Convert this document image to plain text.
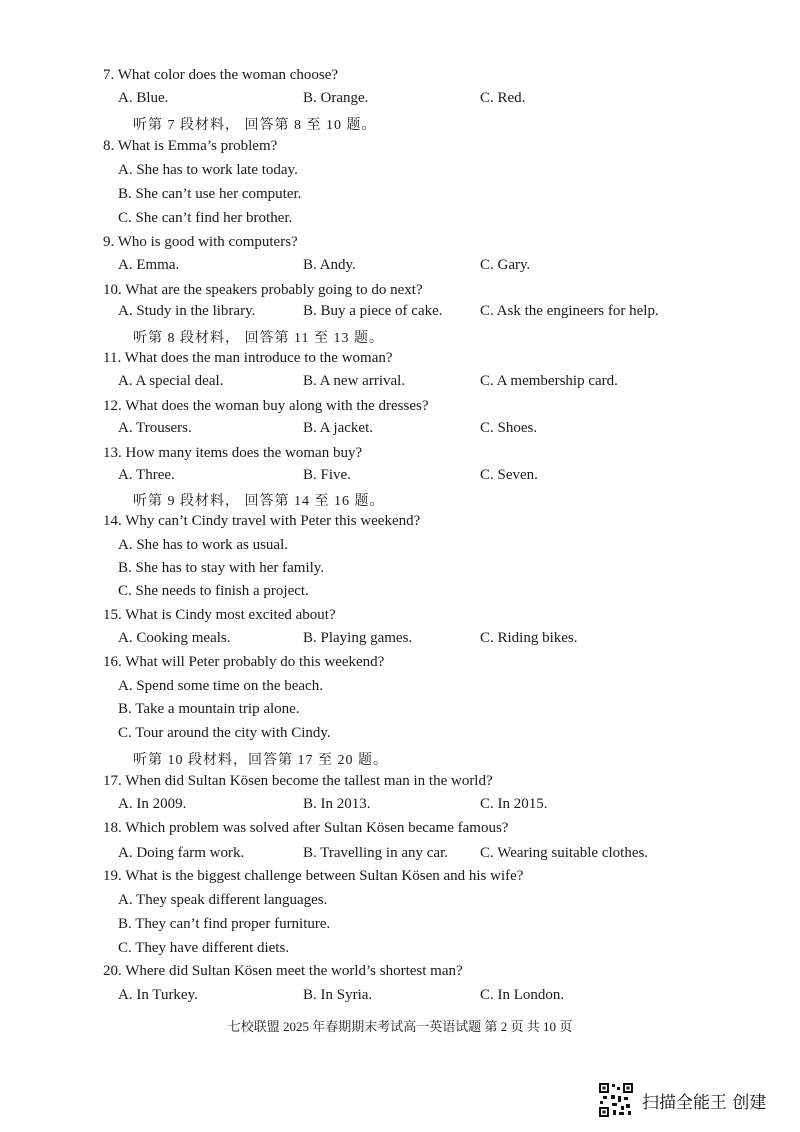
7. What color does the woman choose?
A. Blue.	B. Orange.	C. Red.
听第 7 段材料， 回答第 8 至 10 题。
8. What is Emma’s problem?
A. She has to work late today.
B. She can’t use her computer.
C. She can’t find her brother.
9. Who is good with computers?
A. Emma.	B. Andy.	C. Gary.
10. What are the speakers probably going to do next?
A. Study in the library.	B. Buy a piece of cake. C. Ask the engineers for help.
听第 8 段材料， 回答第 11 至 13 题。
11. What does the man introduce to the woman?
A. A special deal.	B. A new arrival.	C. A membership card.
12. What does the woman buy along with the dresses?
A. Trousers.	B. A jacket.	C. Shoes.
13. How many items does the woman buy?
A. Three.	B. Five.	C. Seven.
听第 9 段材料， 回答第 14 至 16 题。
14. Why can’t Cindy travel with Peter this weekend?
A. She has to work as usual.
B. She has to stay with her family.
C. She needs to finish a project.
15. What is Cindy most excited about?
A. Cooking meals.	B. Playing games.	C. Riding bikes.
16. What will Peter probably do this weekend?
A. Spend some time on the beach.
B. Take a mountain trip alone.
C. Tour around the city with Cindy.
听第 10 段材料，回答第 17 至 20 题。
17. When did Sultan Kösen become the tallest man in the world?
A. In 2009.	B. In 2013.	C. In 2015.
18. Which problem was solved after Sultan Kösen became famous?
A. Doing farm work.	B. Travelling in any car. C. Wearing suitable clothes.
19. What is the biggest challenge between Sultan Kösen and his wife?
A. They speak different languages.
B. They can’t find proper furniture.
C. They have different diets.
20. Where did Sultan Kösen meet the world’s shortest man?
A. In Turkey.	B. In Syria.	C. In London.
七校联盟 2025 年春期期末考试高一英语试题 第 2 页 共 10 页
扫描全能王 创建
